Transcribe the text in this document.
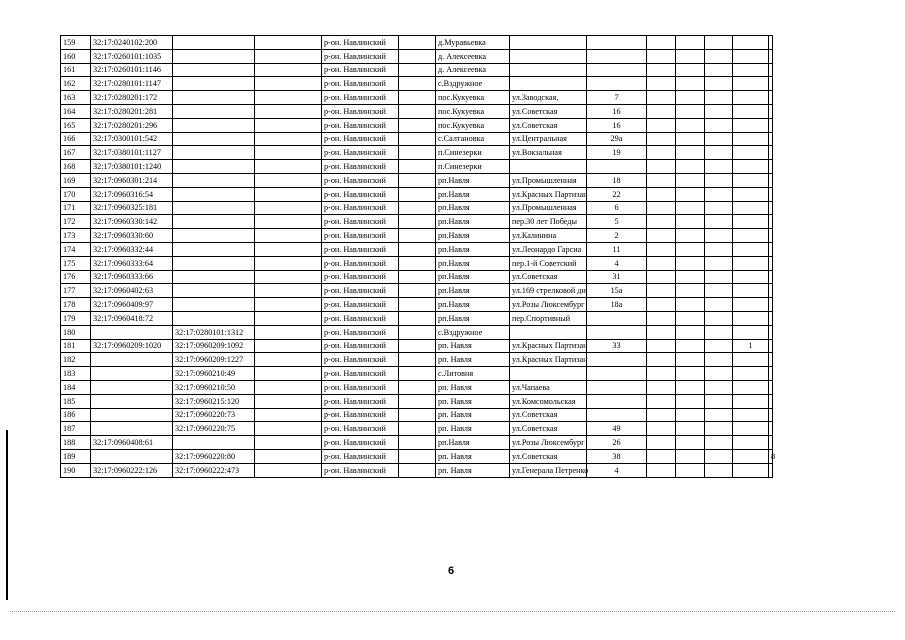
159	32:17:0240102:200			р-он. Навлинский		д.Муравьевка							
160	32:17:0260101:1035			р-он. Навлинский		д. Алексеевка							
161	32:17:0260101:1146			р-он. Навлинский		д. Алексеевка							
162	32:17:0280101:1147			р-он. Навлинский		с.Вздружное							
163	32:17:0280201:172			р-он. Навлинский		пос.Кукуевка	ул.Заводская,	7					
164	32:17:0280201:281			р-он. Навлинский		пос.Кукуевка	ул.Советская	16					
165	32:17:0280201:296			р-он. Навлинский		пос.Кукуевка	ул.Советская	16					
166	32:17:0300101:542			р-он. Навлинский		с.Салтановка	ул.Центральная	29а					
167	32:17:0380101:1127			р-он. Навлинский		п.Синезерки	ул.Вокзальная	19					
168	32:17:0380101:1240			р-он. Навлинский		п.Синезерки							
169	32:17:0960301:214			р-он. Навлинский		рп.Навля	ул.Промышленная	18					
170	32:17:0960316:54			р-он. Навлинский		рп.Навля	ул.Красных Партизан	22					
171	32:17:0960325:181			р-он. Навлинский		рп.Навля	ул.Промышленная	6					
172	32:17:0960330:142			р-он. Навлинский		рп.Навля	пер.30 лет Победы	5					
173	32:17:0960330:60			р-он. Навлинский		рп.Навля	ул.Калинина	2					
174	32:17:0960332:44			р-он. Навлинский		рп.Навля	ул.Леонардо Гарсиа	11					
175	32:17:0960333:64			р-он. Навлинский		рп.Навля	пер.1-й Советский	4					
176	32:17:0960333:66			р-он. Навлинский		рп.Навля	ул.Советская	31					
177	32:17:0960402:63			р-он. Навлинский		рп.Навля	ул.169 стрелковой ди	15а					
178	32:17:0960409:97			р-он. Навлинский		рп.Навля	ул.Розы Люксембург	18а					
179	32:17:0960418:72			р-он. Навлинский		рп.Навля	пер.Спортивный						
180		32:17:0280101:1312		р-он. Навлинский		с.Вздружное							
181	32:17:0960209:1020	32:17:0960209:1092		р-он. Навлинский		рп. Навля	ул.Красных Партизан	33				1	
182		32:17:0960209:1227		р-он. Навлинский		рп. Навля	ул.Красных Партизан						
183		32:17:0960210:49		р-он. Навлинский		с.Литовня							
184		32:17:0960210:50		р-он. Навлинский		рп. Навля	ул.Чапаева						
185		32:17:0960215:120		р-он. Навлинский		рп. Навля	ул.Комсомольская						
186		32:17:0960220:73		р-он. Навлинский		рп. Навля	ул.Советская						
187		32:17:0960220:75		р-он. Навлинский		рп. Навля	ул.Советская	49					
188	32:17:0960408:61			р-он. Навлинский		рп.Навля	ул.Розы Люксембург	26					
189		32:17:0960220:80		р-он. Навлинский		рп. Навля	ул.Советская	38					8
190	32:17:0960222:126	32:17:0960222:473		р-он. Навлинский		рп. Навля	ул.Генерала Петренко	4					
6
